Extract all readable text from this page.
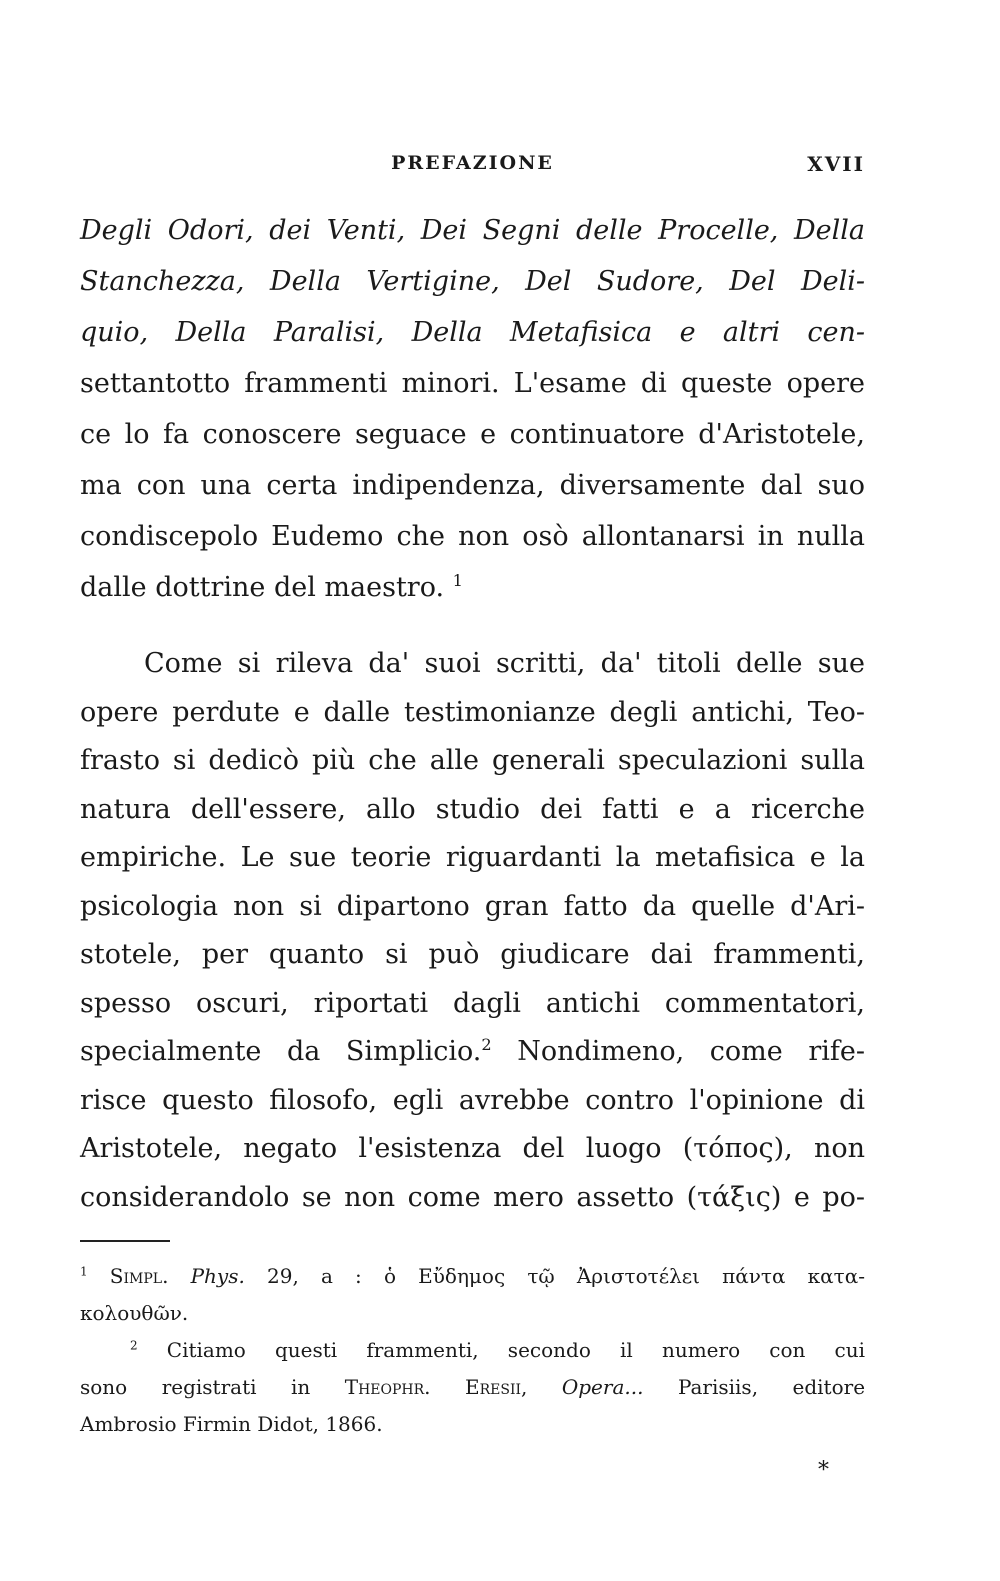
PREFAZIONE	XVII
Degli Odori, dei Venti, Dei Segni delle Procelle, Della
Stanchezza, Della Vertigine, Del Sudore, Del Deli-
quio, Della Paralisi, Della Metafisica e altri cen-
settantotto frammenti minori. L'esame di queste opere
ce lo fa conoscere seguace e continuatore d'Aristotele,
ma con una certa indipendenza, diversamente dal suo
condiscepolo Eudemo che non osò allontanarsi in nulla
dalle dottrine del maestro. $^1$
Come si rileva da' suoi scritti, da' titoli delle sue
opere perdute e dalle testimonianze degli antichi, Teo-
frasto si dedicò più che alle generali speculazioni sulla
natura dell'essere, allo studio dei fatti e a ricerche
empiriche. Le sue teorie riguardanti la metafisica e la
psicologia non si dipartono gran fatto da quelle d'Ari-
stotele, per quanto si può giudicare dai frammenti,
spesso oscuri, riportati dagli antichi commentatori,
specialmente da Simplicio.$^2$ Nondimeno, come rife-
risce questo filosofo, egli avrebbe contro l'opinione di
Aristotele, negato l'esistenza del luogo (τόπος), non
considerandolo se non come mero assetto (τάξις) e po-
$^1$ Simpl. Phys. 29, a : ὁ Εὔδημος τῷ Ἀριστοτέλει πάντα κατα-
κολουθῶν.
$^2$ Citiamo questi frammenti, secondo il numero con cui
sono registrati in Theophr. Eresii, Opera... Parisiis, editore
Ambrosio Firmin Didot, 1866.
*
